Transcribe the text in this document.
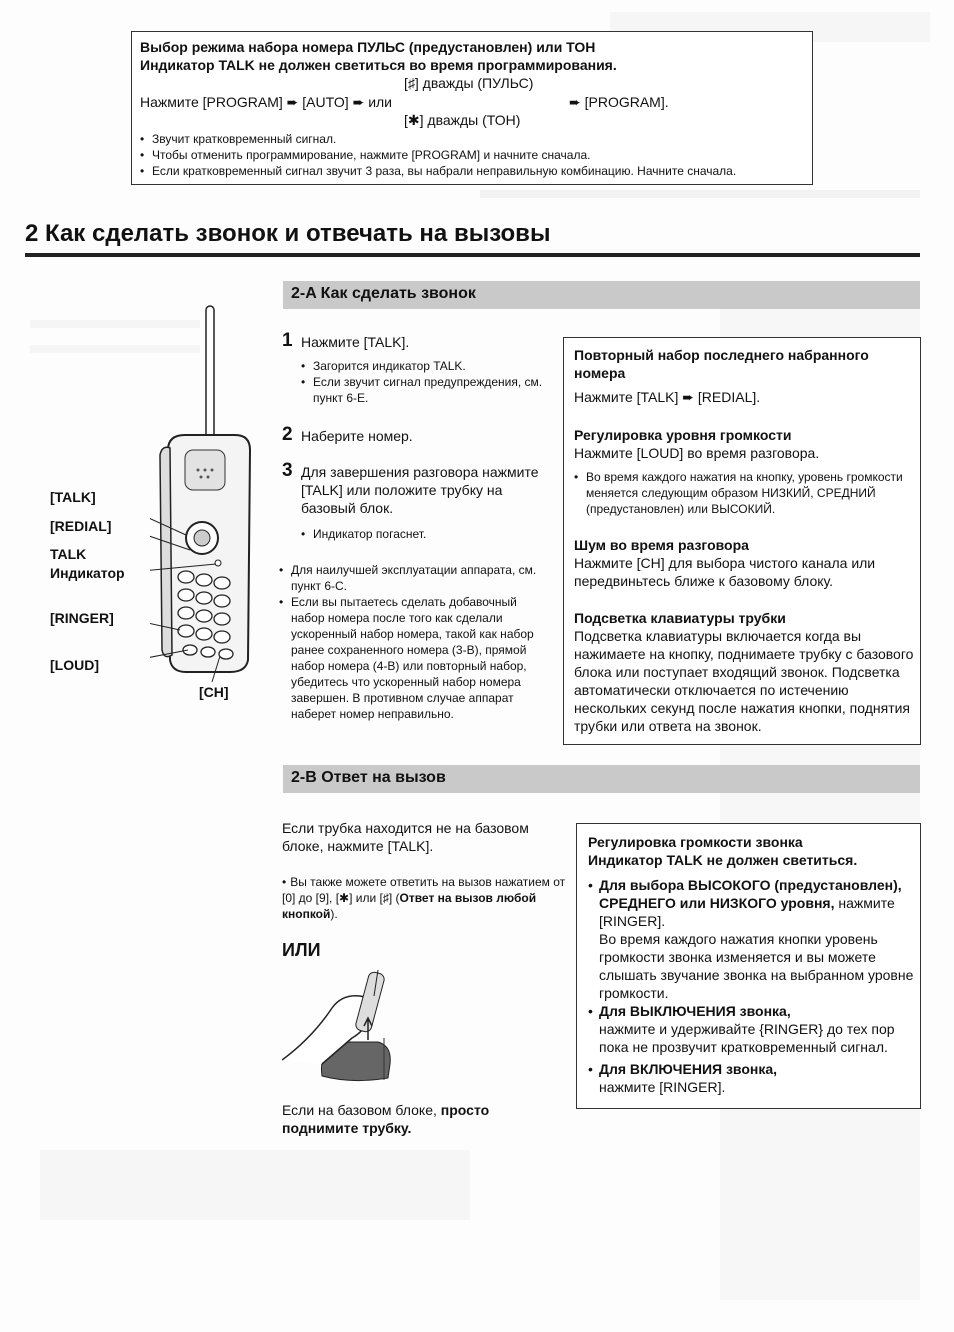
Выбор режима набора номера ПУЛЬС (предустановлен) или ТОН
Индикатор TALK не должен светиться во время программирования.
[♯] дважды (ПУЛЬС)
Нажмите [PROGRAM] ➨ [AUTO] ➨ или	➨ [PROGRAM].
[✱] дважды (ТОН)
• Звучит кратковременный сигнал.
• Чтобы отменить программирование, нажмите [PROGRAM] и начните сначала.
• Если кратковременный сигнал звучит 3 раза, вы набрали неправильную комбинацию. Начните сначала.
2 Как сделать звонок и отвечать на вызовы
2-A Как сделать звонок
[TALK]
[REDIAL]
TALK
Индикатор
[RINGER]
[LOUD]
[CH]
1 Нажмите [TALK].
• Загорится индикатор TALK.
• Если звучит сигнал предупреждения, см. пункт 6-E.
2 Наберите номер.
3 Для завершения разговора нажмите [TALK] или положите трубку на базовый блок.
• Индикатор погаснет.
• Для наилучшей эксплуатации аппарата, см. пункт 6-C.
• Если вы пытаетесь сделать добавочный набор номера после того как сделали ускоренный набор номера, такой как набор ранее сохраненного номера (3-B), прямой набор номера (4-B) или повторный набор, убедитесь что ускоренный набор номера завершен. В противном случае аппарат наберет номер неправильно.
Повторный набор последнего набранного номера
Нажмите [TALK] ➨ [REDIAL].
Регулировка уровня громкости
Нажмите [LOUD] во время разговора.
• Во время каждого нажатия на кнопку, уровень громкости меняется следующим образом НИЗКИЙ, СРЕДНИЙ (предустановлен) или ВЫСОКИЙ.
Шум во время разговора
Нажмите [CH] для выбора чистого канала или передвиньтесь ближе к базовому блоку.
Подсветка клавиатуры трубки
Подсветка клавиатуры включается когда вы нажимаете на кнопку, поднимаете трубку с базового блока или поступает входящий звонок. Подсветка автоматически отключается по истечению нескольких секунд после нажатия кнопки, поднятия трубки или ответа на звонок.
2-B Ответ на вызов
Если трубка находится не на базовом блоке, нажмите [TALK].
• Вы также можете ответить на вызов нажатием от [0] до [9], [✱] или [♯] (Ответ на вызов любой кнопкой).
ИЛИ
Если на базовом блоке, просто поднимите трубку.
Регулировка громкости звонка
Индикатор TALK не должен светиться.
• Для выбора ВЫСОКОГО (предустановлен), СРЕДНЕГО или НИЗКОГО уровня, нажмите [RINGER].
Во время каждого нажатия кнопки уровень громкости звонка изменяется и вы можете слышать звучание звонка на выбранном уровне громкости.
• Для ВЫКЛЮЧЕНИЯ звонка,
нажмите и удерживайте {RINGER} до тех пор пока не прозвучит кратковременный сигнал.
• Для ВКЛЮЧЕНИЯ звонка,
нажмите [RINGER].
